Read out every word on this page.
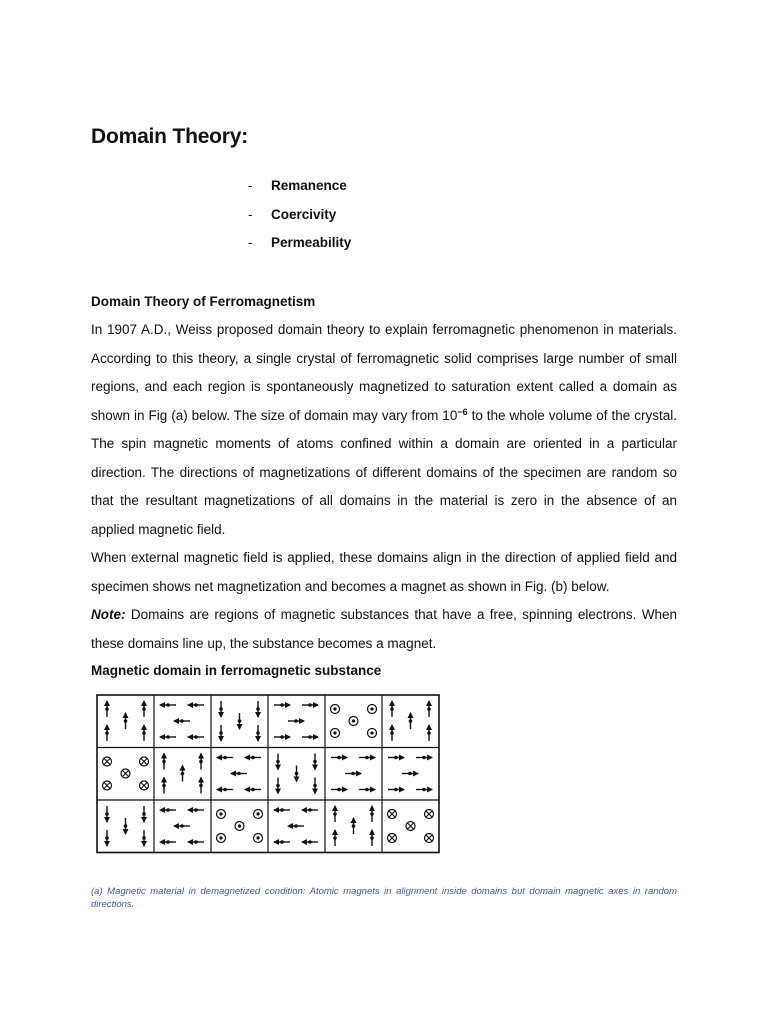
Domain Theory:
-	Remanence
-	Coercivity
-	Permeability
Domain Theory of Ferromagnetism

In 1907 A.D., Weiss proposed domain theory to explain ferromagnetic phenomenon in materials. According to this theory, a single crystal of ferromagnetic solid comprises large number of small regions, and each region is spontaneously magnetized to saturation extent called a domain as shown in Fig (a) below. The size of domain may vary from $10^{-6}$ to the whole volume of the crystal. The spin magnetic moments of atoms confined within a domain are oriented in a particular direction. The directions of magnetizations of different domains of the specimen are random so that the resultant magnetizations of all domains in the material is zero in the absence of an applied magnetic field.

When external magnetic field is applied, these domains align in the direction of applied field and specimen shows net magnetization and becomes a magnet as shown in Fig. (b) below.

Note: Domains are regions of magnetic substances that have a free, spinning electrons. When these domains line up, the substance becomes a magnet.

Magnetic domain in ferromagnetic substance
(a) Magnetic material in demagnetized condition: Atomic magnets in alignment inside domains but domain magnetic axes in random directions.
